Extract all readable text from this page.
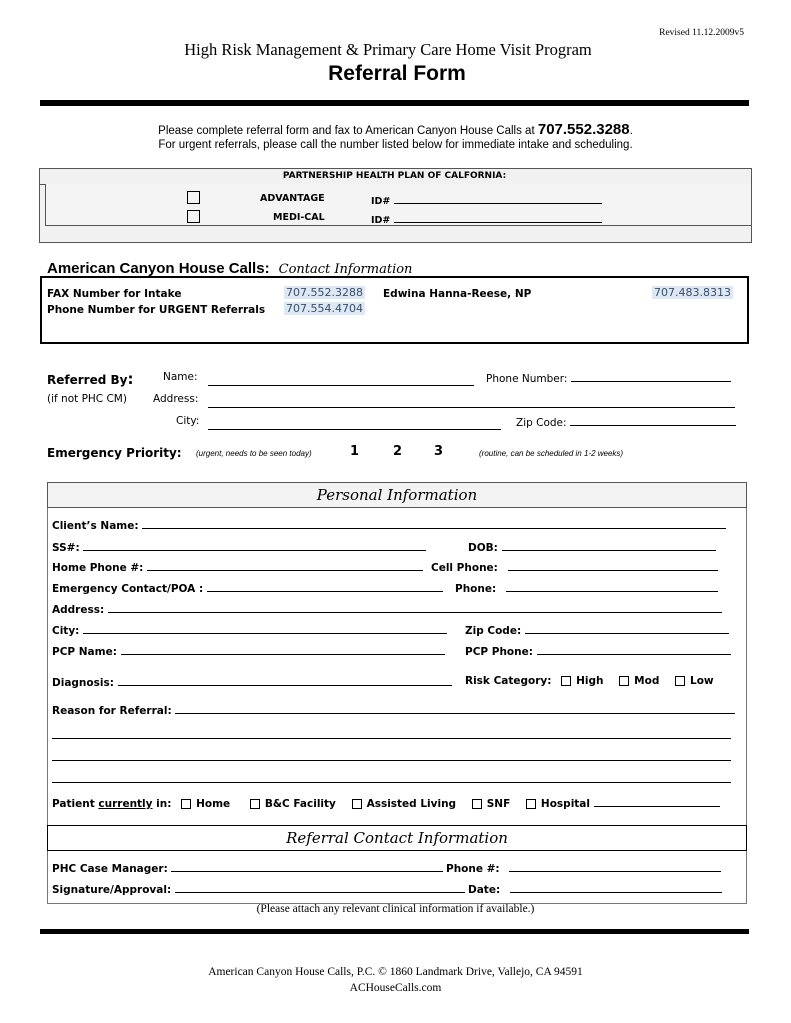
Revised 11.12.2009v5
High Risk Management & Primary Care Home Visit Program
Referral Form
Please complete referral form and fax to American Canyon House Calls at 707.552.3288.
For urgent referrals, please call the number listed below for immediate intake and scheduling.
PARTNERSHIP HEALTH PLAN OF CALFORNIA:
ADVANTAGE	ID#
MEDI-CAL	ID#
American Canyon House Calls: Contact Information
FAX Number for Intake	707.552.3288 Edwina Hanna-Reese, NP	707.483.8313
Phone Number for URGENT Referrals 707.554.4704
Referred By:	Name:	Phone Number:
(if not PHC CM) Address:
City:	Zip Code:
Emergency Priority: (urgent, needs to be seen today)	1	2 3	(routine, can be scheduled in 1-2 weeks)
Personal Information
Client’s Name:
SS#:	DOB:
Home Phone #:	Cell Phone:
Emergency Contact/POA :	Phone:
Address:
City:	Zip Code:
PCP Name:	PCP Phone:
Diagnosis:	Risk Category: High	Mod	Low
Reason for Referral:
Patient currently in: Home	B&C Facility	Assisted Living	SNF	Hospital
Referral Contact Information
PHC Case Manager:	Phone #:
Signature/Approval:	Date:
(Please attach any relevant clinical information if available.)
American Canyon House Calls, P.C. © 1860 Landmark Drive, Vallejo, CA 94591
ACHouseCalls.com
